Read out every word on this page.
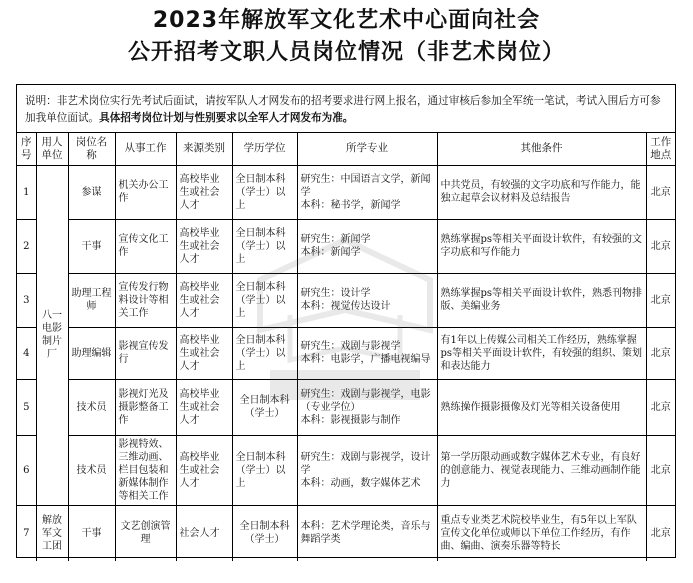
2023年解放军文化艺术中心面向社会
公开招考文职人员岗位情况（非艺术岗位）
说明：非艺术岗位实行先考试后面试，请按军队人才网发布的招考要求进行网上报名，通过审核后参加全军统一笔试，考试入围后方可参加我单位面试。具体招考岗位计划与性别要求以全军人才网发布为准。
序号	用人单位	岗位名称	从事工作	来源类别	学历学位	所学专业	其他条件	工作地点
1	八一电影制片厂	参谋	机关办公工作	高校毕业生或社会人才	全日制本科（学士）以上	研究生：中国语言文学，新闻学
本科：秘书学，新闻学	中共党员，有较强的文字功底和写作能力，能独立起草会议材料及总结报告	北京
2		干事	宣传文化工作	高校毕业生或社会人才	全日制本科（学士）以上	研究生：新闻学
本科：新闻学	熟练掌握ps等相关平面设计软件，有较强的文字功底和写作能力	北京
3		助理工程师	宣传发行物料设计等相关工作	高校毕业生或社会人才	全日制本科（学士）以上	研究生：设计学
本科：视觉传达设计	熟练掌握ps等相关平面设计软件，熟悉刊物排版、美编业务	北京
4		助理编辑	影视宣传发行	高校毕业生或社会人才	全日制本科（学士）以上	研究生：戏剧与影视学
本科：电影学，广播电视编导	有1年以上传媒公司相关工作经历，熟练掌握ps等相关平面设计软件，有较强的组织、策划和表达能力	北京
5		技术员	影视灯光及摄影整备工作	高校毕业生或社会人才	全日制本科（学士）	研究生：戏剧与影视学，电影（专业学位）
本科：影视摄影与制作	熟练操作摄影摄像及灯光等相关设备使用	北京
6		技术员	影视特效、三维动画、栏目包装和新媒体制作等相关工作	高校毕业生或社会人才	全日制本科（学士）以上	研究生：戏剧与影视学，设计学
本科：动画，数字媒体艺术	第一学历限动画或数字媒体艺术专业，有良好的创意能力、视觉表现能力、三维动画制作能力	北京
7	解放军文工团	干事	文艺创演管理	社会人才	全日制本科（学士）	本科：艺术学理论类，音乐与舞蹈学类	重点专业类艺术院校毕业生，有5年以上军队宣传文化单位或师以下单位工作经历，有作曲、编曲、演奏乐器等特长	北京
